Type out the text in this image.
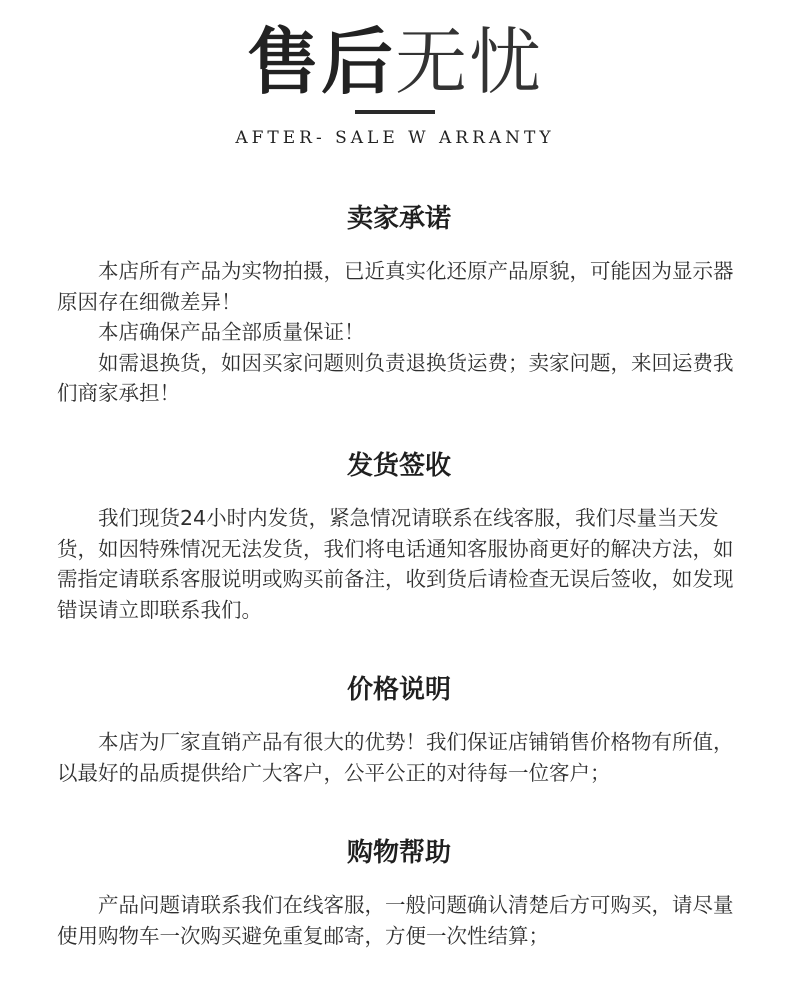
售后无忧
AFTER- SALE W ARRANTY
卖家承诺

本店所有产品为实物拍摄，已近真实化还原产品原貌，可能因为显示器原因存在细微差异！

本店确保产品全部质量保证！

如需退换货，如因买家问题则负责退换货运费；卖家问题，来回运费我们商家承担！

发货签收

我们现货24小时内发货，紧急情况请联系在线客服，我们尽量当天发货，如因特殊情况无法发货，我们将电话通知客服协商更好的解决方法，如需指定请联系客服说明或购买前备注，收到货后请检查无误后签收，如发现错误请立即联系我们。

价格说明

本店为厂家直销产品有很大的优势！我们保证店铺销售价格物有所值，以最好的品质提供给广大客户，公平公正的对待每一位客户；

购物帮助

产品问题请联系我们在线客服，一般问题确认清楚后方可购买，请尽量使用购物车一次购买避免重复邮寄，方便一次性结算；
